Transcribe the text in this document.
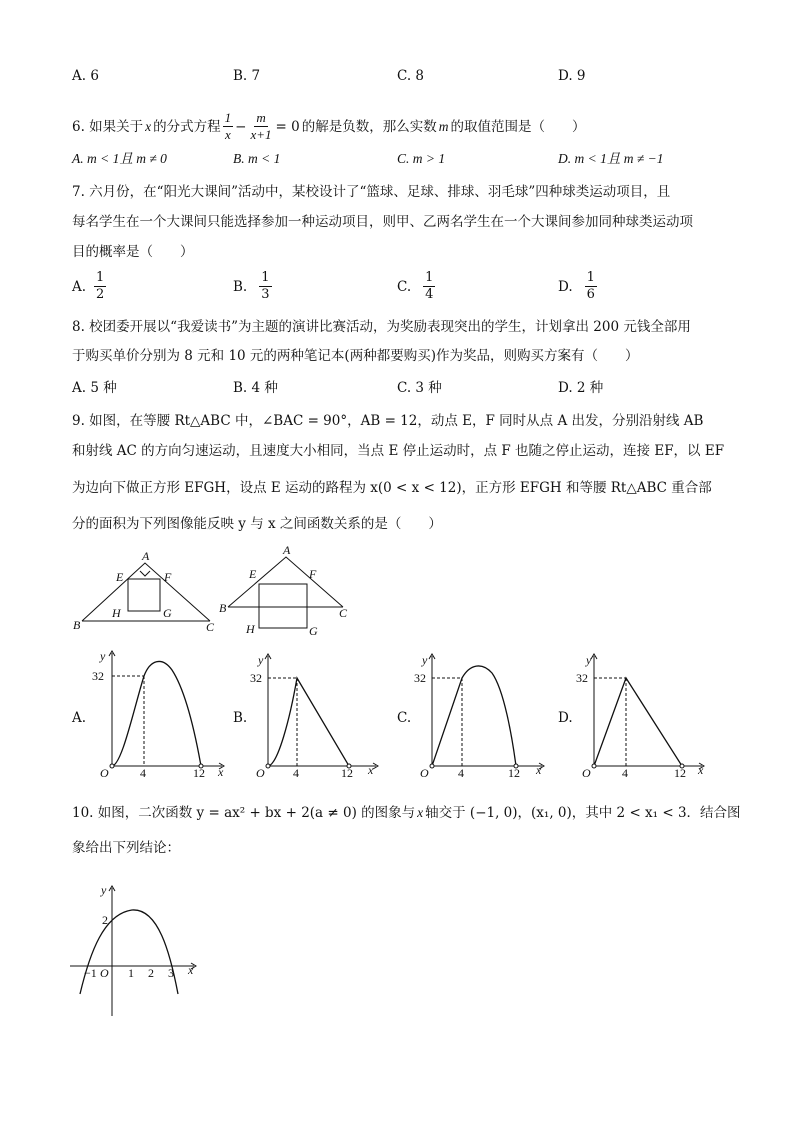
A. 6	B. 7	C. 8	D. 9
6. 如果关于 x 的分式方程 $\frac{1}{x} - \frac{m}{x+1} = 0$ 的解是负数，那么实数 m 的取值范围是（　　）
A. m < 1且 m ≠ 0	B. m < 1	C. m > 1	D. m < 1且 m ≠ −1
7. 六月份，在“阳光大课间”活动中，某校设计了“篮球、足球、排球、羽毛球”四种球类运动项目，且
每名学生在一个大课间只能选择参加一种运动项目，则甲、乙两名学生在一个大课间参加同种球类运动项
目的概率是（　　）
A. $\frac{1}{2}$	B. $\frac{1}{3}$	C. $\frac{1}{4}$	D. $\frac{1}{6}$
8. 校团委开展以“我爱读书”为主题的演讲比赛活动，为奖励表现突出的学生，计划拿出 200 元钱全部用
于购买单价分别为 8 元和 10 元的两种笔记本(两种都要购买)作为奖品，则购买方案有（　　）
A. 5 种	B. 4 种	C. 3 种	D. 2 种
9. 如图，在等腰 Rt△ABC 中，∠BAC = 90°，AB = 12，动点 E，F 同时从点 A 出发，分别沿射线 AB
和射线 AC 的方向匀速运动，且速度大小相同，当点 E 停止运动时，点 F 也随之停止运动，连接 EF，以 EF
为边向下做正方形 EFGH，设点 E 运动的路程为 x(0 < x < 12)，正方形 EFGH 和等腰 Rt△ABC 重合部
分的面积为下列图像能反映 y 与 x 之间函数关系的是（　　）
A
E	F
H	G
B	C
A
E	F
B	C
H	G
A.
y
32
O	4	12 x
B.
y
32
O 4	12 x
C.
y
32
O 4	12 x
D.
y
32
O	4	12 x
10. 如图，二次函数 y = ax² + bx + 2(a ≠ 0) 的图象与 x 轴交于 (−1, 0)，(x₁, 0)，其中 2 < x₁ < 3．结合图
象给出下列结论：
y
2
−1 O 1 2 3 x
